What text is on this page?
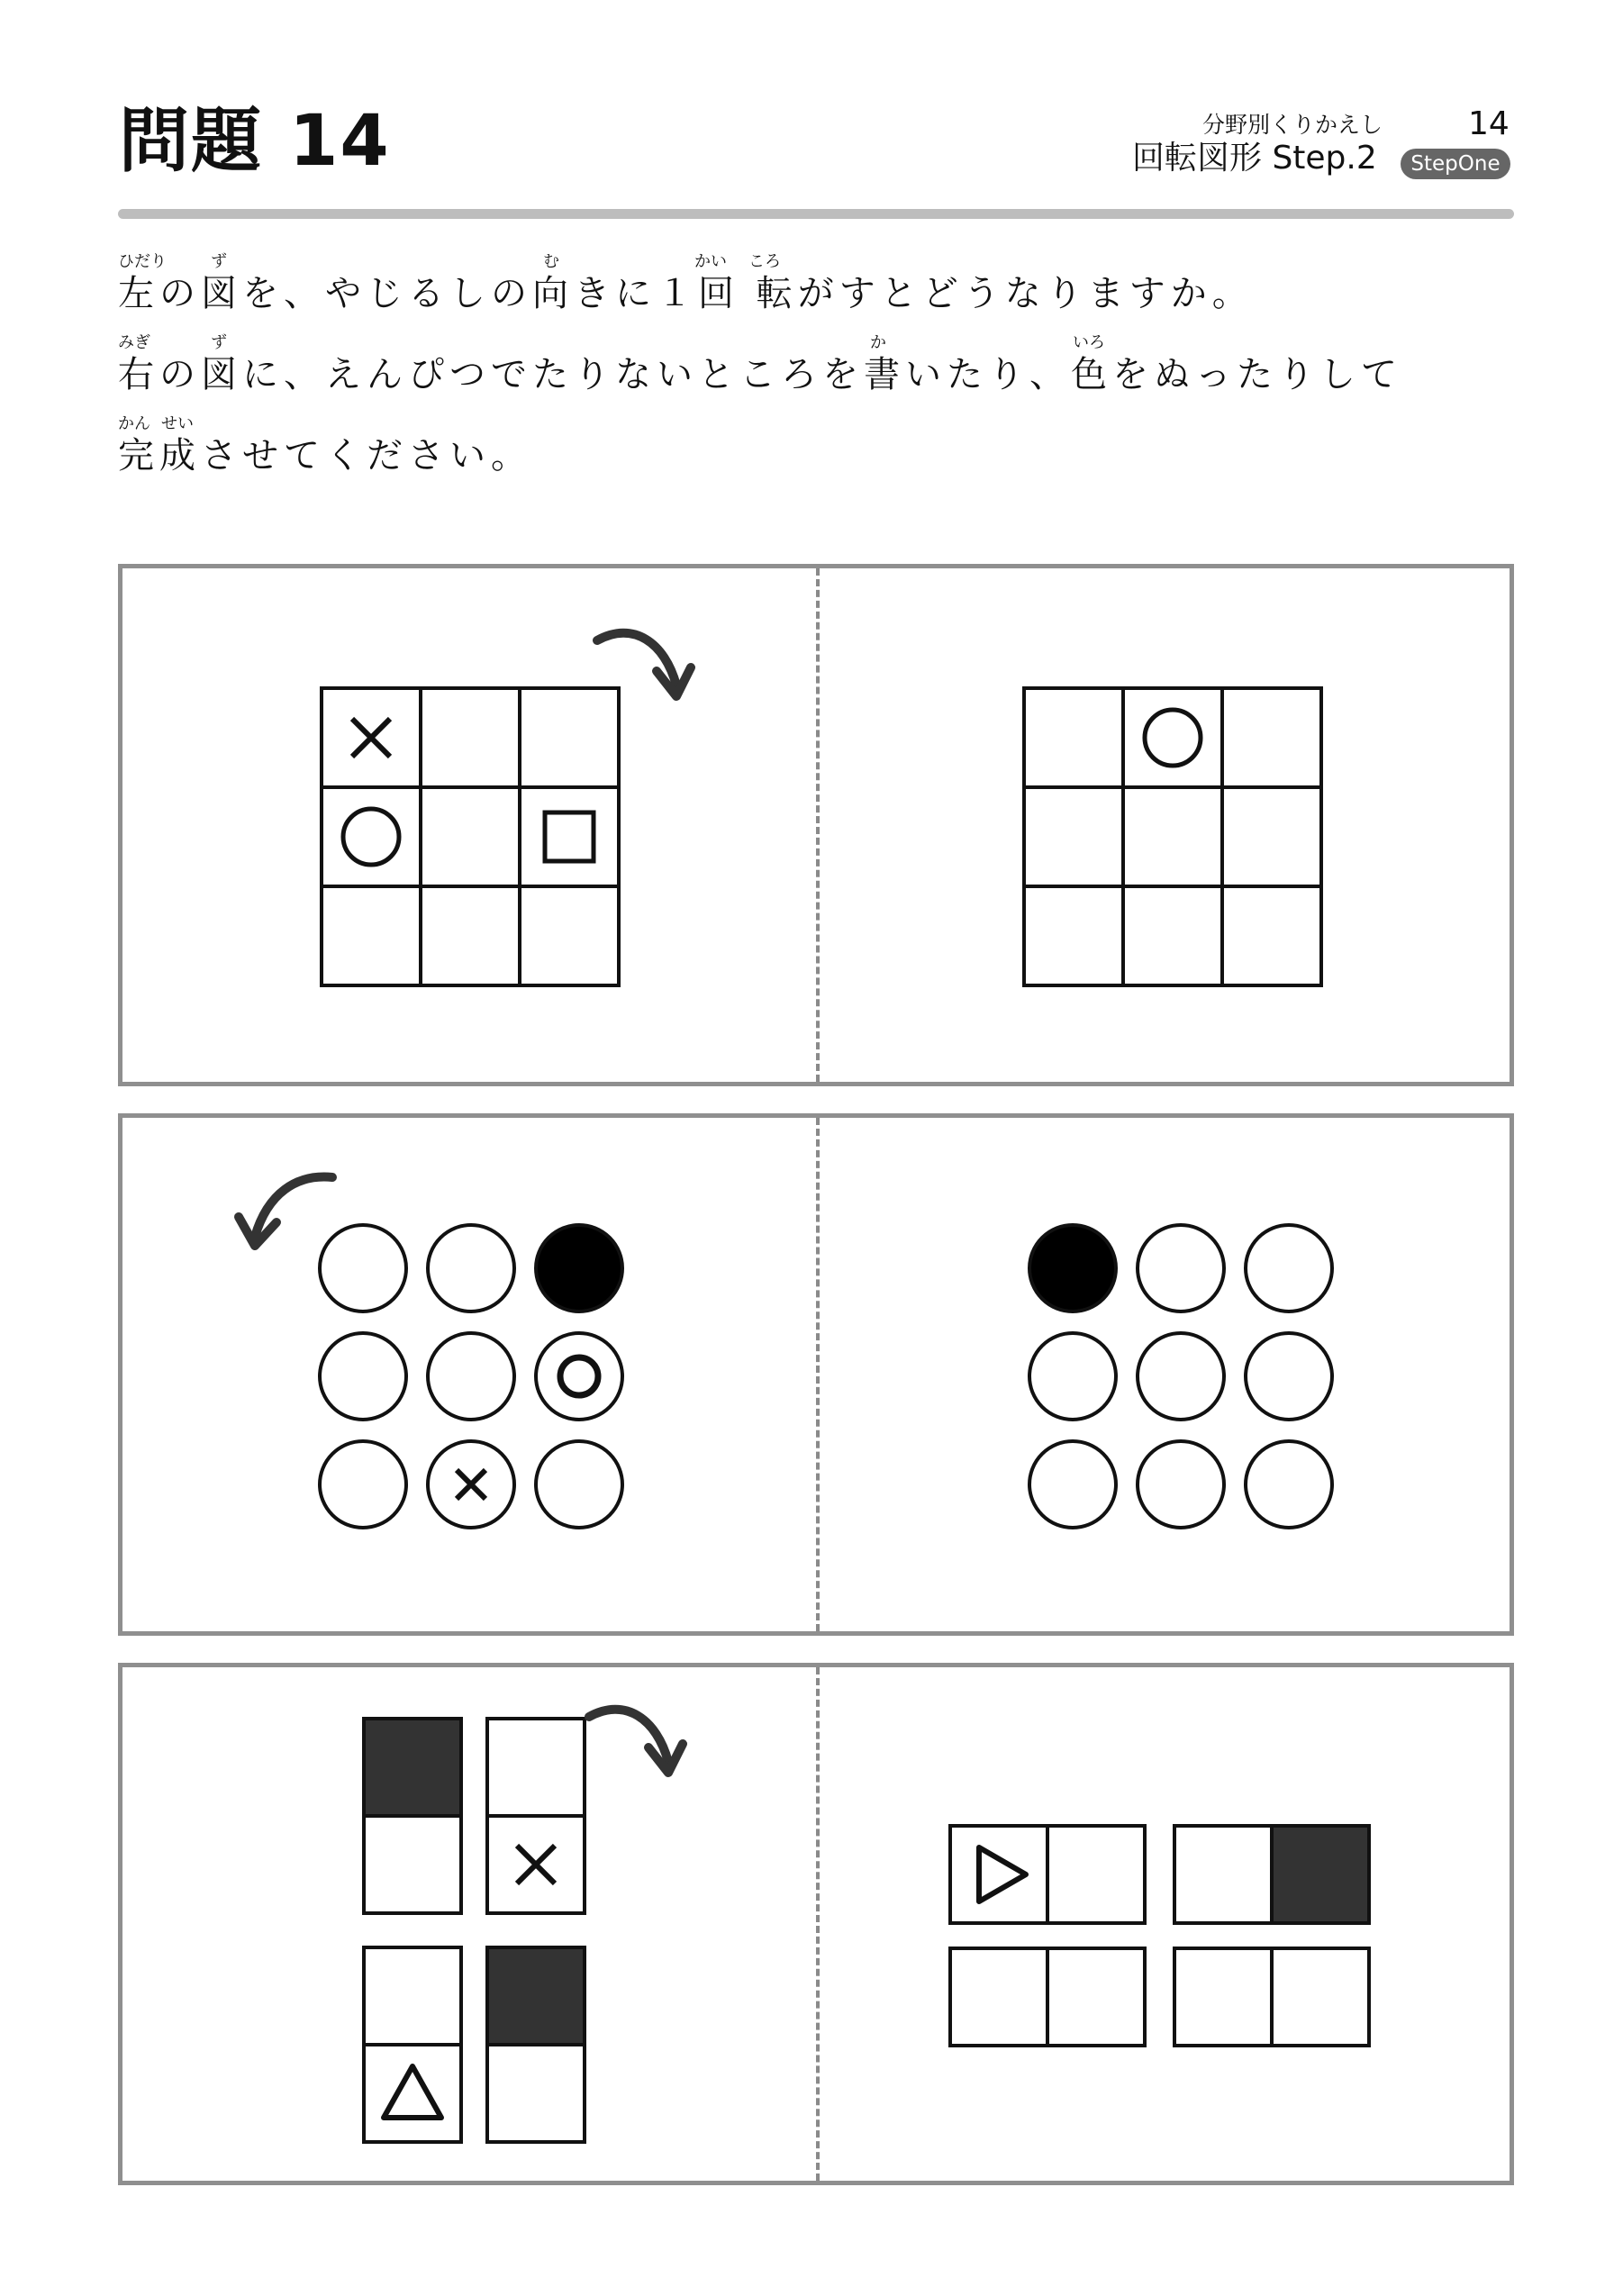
問題 14	分野別くりかえし	14
回転図形 Step.2	StepOne
ひだり	ず	む	かい ころ
左の図を、やじるしの向きに１回 転がすとどうなりますか。
みぎ	ず	か	いろ
右の図に、えんぴつでたりないところを書いたり、色をぬったりして
かん せい
完成させてください。
